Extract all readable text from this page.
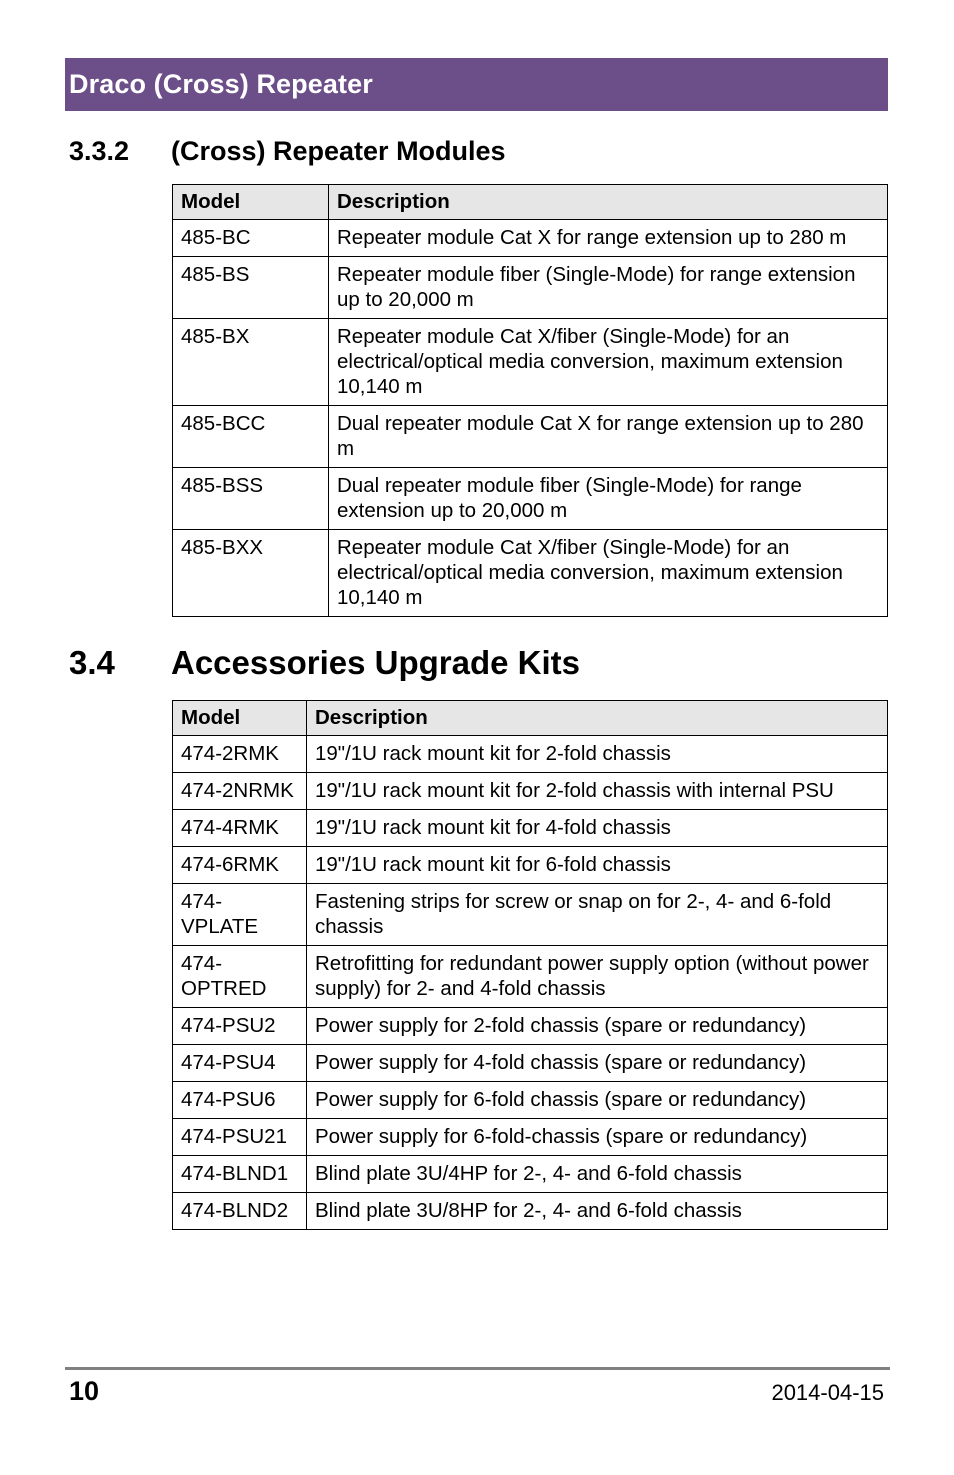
Draco (Cross) Repeater
3.3.2 (Cross) Repeater Modules
Model	Description
485-BC	Repeater module Cat X for range extension up to 280 m
485-BS	Repeater module fiber (Single-Mode) for range extension up to 20,000 m
485-BX	Repeater module Cat X/fiber (Single-Mode) for an electrical/optical media conversion, maximum extension 10,140 m
485-BCC	Dual repeater module Cat X for range extension up to 280 m
485-BSS	Dual repeater module fiber (Single-Mode) for range extension up to 20,000 m
485-BXX	Repeater module Cat X/fiber (Single-Mode) for an electrical/optical media conversion, maximum extension 10,140 m
3.4 Accessories Upgrade Kits
Model	Description
474-2RMK	19"/1U rack mount kit for 2-fold chassis
474-2NRMK	19"/1U rack mount kit for 2-fold chassis with internal PSU
474-4RMK	19"/1U rack mount kit for 4-fold chassis
474-6RMK	19"/1U rack mount kit for 6-fold chassis
474-VPLATE	Fastening strips for screw or snap on for 2-, 4- and 6-fold chassis
474-OPTRED	Retrofitting for redundant power supply option (without power supply) for 2- and 4-fold chassis
474-PSU2	Power supply for 2-fold chassis (spare or redundancy)
474-PSU4	Power supply for 4-fold chassis (spare or redundancy)
474-PSU6	Power supply for 6-fold chassis (spare or redundancy)
474-PSU21	Power supply for 6-fold-chassis (spare or redundancy)
474-BLND1	Blind plate 3U/4HP for 2-, 4- and 6-fold chassis
474-BLND2	Blind plate 3U/8HP for 2-, 4- and 6-fold chassis
10	2014-04-15
